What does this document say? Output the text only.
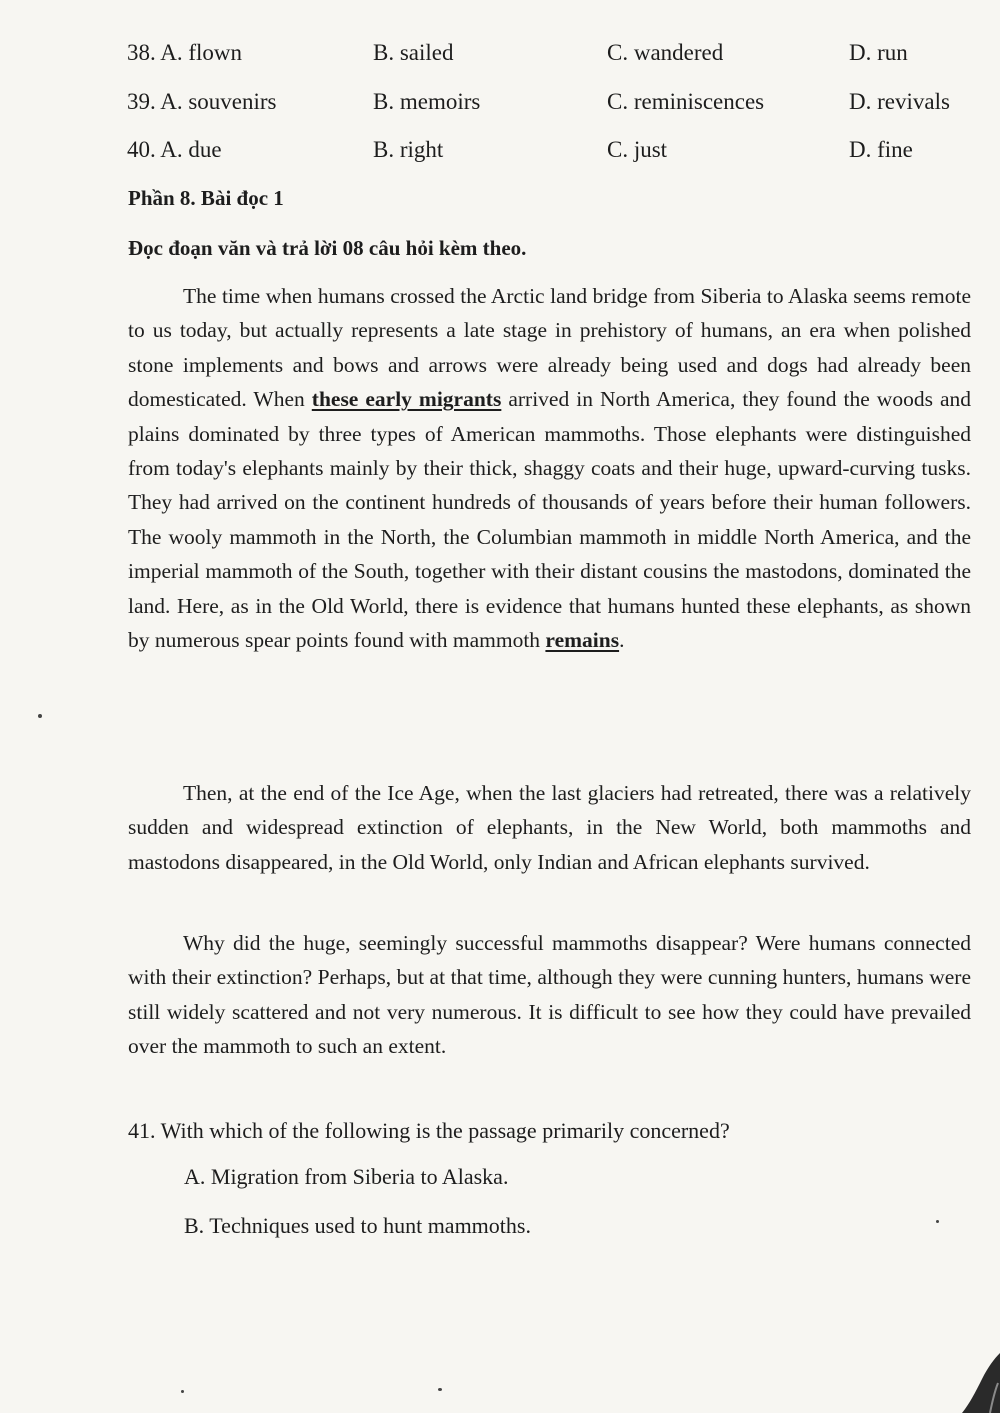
38. A. flown	B. sailed	C. wandered	D. run
39. A. souvenirs	B. memoirs	C. reminiscences	D. revivals
40. A. due	B. right	C. just	D. fine
Phần 8. Bài đọc 1
Đọc đoạn văn và trả lời 08 câu hỏi kèm theo.

The time when humans crossed the Arctic land bridge from Siberia to Alaska seems remote to us today, but actually represents a late stage in prehistory of humans, an era when polished stone implements and bows and arrows were already being used and dogs had already been domesticated. When these early migrants arrived in North America, they found the woods and plains dominated by three types of American mammoths. Those elephants were distinguished from today's elephants mainly by their thick, shaggy coats and their huge, upward-curving tusks. They had arrived on the continent hundreds of thousands of years before their human followers. The wooly mammoth in the North, the Columbian mammoth in middle North America, and the imperial mammoth of the South, together with their distant cousins the mastodons, dominated the land. Here, as in the Old World, there is evidence that humans hunted these elephants, as shown by numerous spear points found with mammoth remains.

Then, at the end of the Ice Age, when the last glaciers had retreated, there was a relatively sudden and widespread extinction of elephants, in the New World, both mammoths and mastodons disappeared, in the Old World, only Indian and African elephants survived.

Why did the huge, seemingly successful mammoths disappear? Were humans connected with their extinction? Perhaps, but at that time, although they were cunning hunters, humans were still widely scattered and not very numerous. It is difficult to see how they could have prevailed over the mammoth to such an extent.

41. With which of the following is the passage primarily concerned?
A. Migration from Siberia to Alaska.
B. Techniques used to hunt mammoths.
